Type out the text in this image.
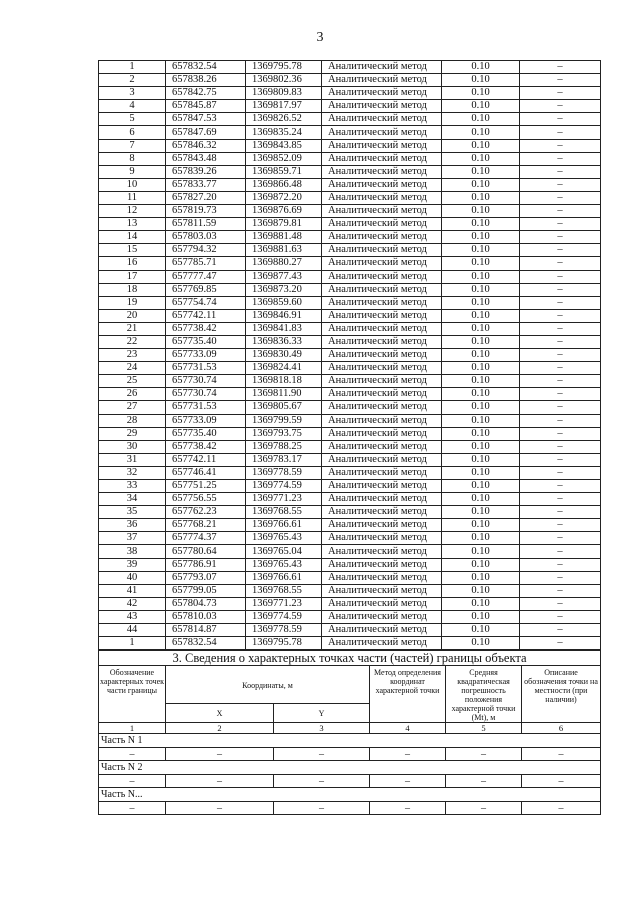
3
1	657832.54	1369795.78	Аналитический метод	0.10	–
2	657838.26	1369802.36	Аналитический метод	0.10	–
3	657842.75	1369809.83	Аналитический метод	0.10	–
4	657845.87	1369817.97	Аналитический метод	0.10	–
5	657847.53	1369826.52	Аналитический метод	0.10	–
6	657847.69	1369835.24	Аналитический метод	0.10	–
7	657846.32	1369843.85	Аналитический метод	0.10	–
8	657843.48	1369852.09	Аналитический метод	0.10	–
9	657839.26	1369859.71	Аналитический метод	0.10	–
10	657833.77	1369866.48	Аналитический метод	0.10	–
11	657827.20	1369872.20	Аналитический метод	0.10	–
12	657819.73	1369876.69	Аналитический метод	0.10	–
13	657811.59	1369879.81	Аналитический метод	0.10	–
14	657803.03	1369881.48	Аналитический метод	0.10	–
15	657794.32	1369881.63	Аналитический метод	0.10	–
16	657785.71	1369880.27	Аналитический метод	0.10	–
17	657777.47	1369877.43	Аналитический метод	0.10	–
18	657769.85	1369873.20	Аналитический метод	0.10	–
19	657754.74	1369859.60	Аналитический метод	0.10	–
20	657742.11	1369846.91	Аналитический метод	0.10	–
21	657738.42	1369841.83	Аналитический метод	0.10	–
22	657735.40	1369836.33	Аналитический метод	0.10	–
23	657733.09	1369830.49	Аналитический метод	0.10	–
24	657731.53	1369824.41	Аналитический метод	0.10	–
25	657730.74	1369818.18	Аналитический метод	0.10	–
26	657730.74	1369811.90	Аналитический метод	0.10	–
27	657731.53	1369805.67	Аналитический метод	0.10	–
28	657733.09	1369799.59	Аналитический метод	0.10	–
29	657735.40	1369793.75	Аналитический метод	0.10	–
30	657738.42	1369788.25	Аналитический метод	0.10	–
31	657742.11	1369783.17	Аналитический метод	0.10	–
32	657746.41	1369778.59	Аналитический метод	0.10	–
33	657751.25	1369774.59	Аналитический метод	0.10	–
34	657756.55	1369771.23	Аналитический метод	0.10	–
35	657762.23	1369768.55	Аналитический метод	0.10	–
36	657768.21	1369766.61	Аналитический метод	0.10	–
37	657774.37	1369765.43	Аналитический метод	0.10	–
38	657780.64	1369765.04	Аналитический метод	0.10	–
39	657786.91	1369765.43	Аналитический метод	0.10	–
40	657793.07	1369766.61	Аналитический метод	0.10	–
41	657799.05	1369768.55	Аналитический метод	0.10	–
42	657804.73	1369771.23	Аналитический метод	0.10	–
43	657810.03	1369774.59	Аналитический метод	0.10	–
44	657814.87	1369778.59	Аналитический метод	0.10	–
1	657832.54	1369795.78	Аналитический метод	0.10	–
3. Сведения о характерных точках части (частей) границы объекта					
Обозначение характерных точек части границы	Координаты, м		Метод определения координат характерной точки	Средняя квадратическая погрешность положения характерной точки (Mt), м	Описание обозначения точки на местности (при наличии)
	X	Y			
1	2	3	4	5	6
Часть N 1					
–	–	–	–	–	–
Часть N 2					
–	–	–	–	–	–
Часть N...					
–	–	–	–	–	–
